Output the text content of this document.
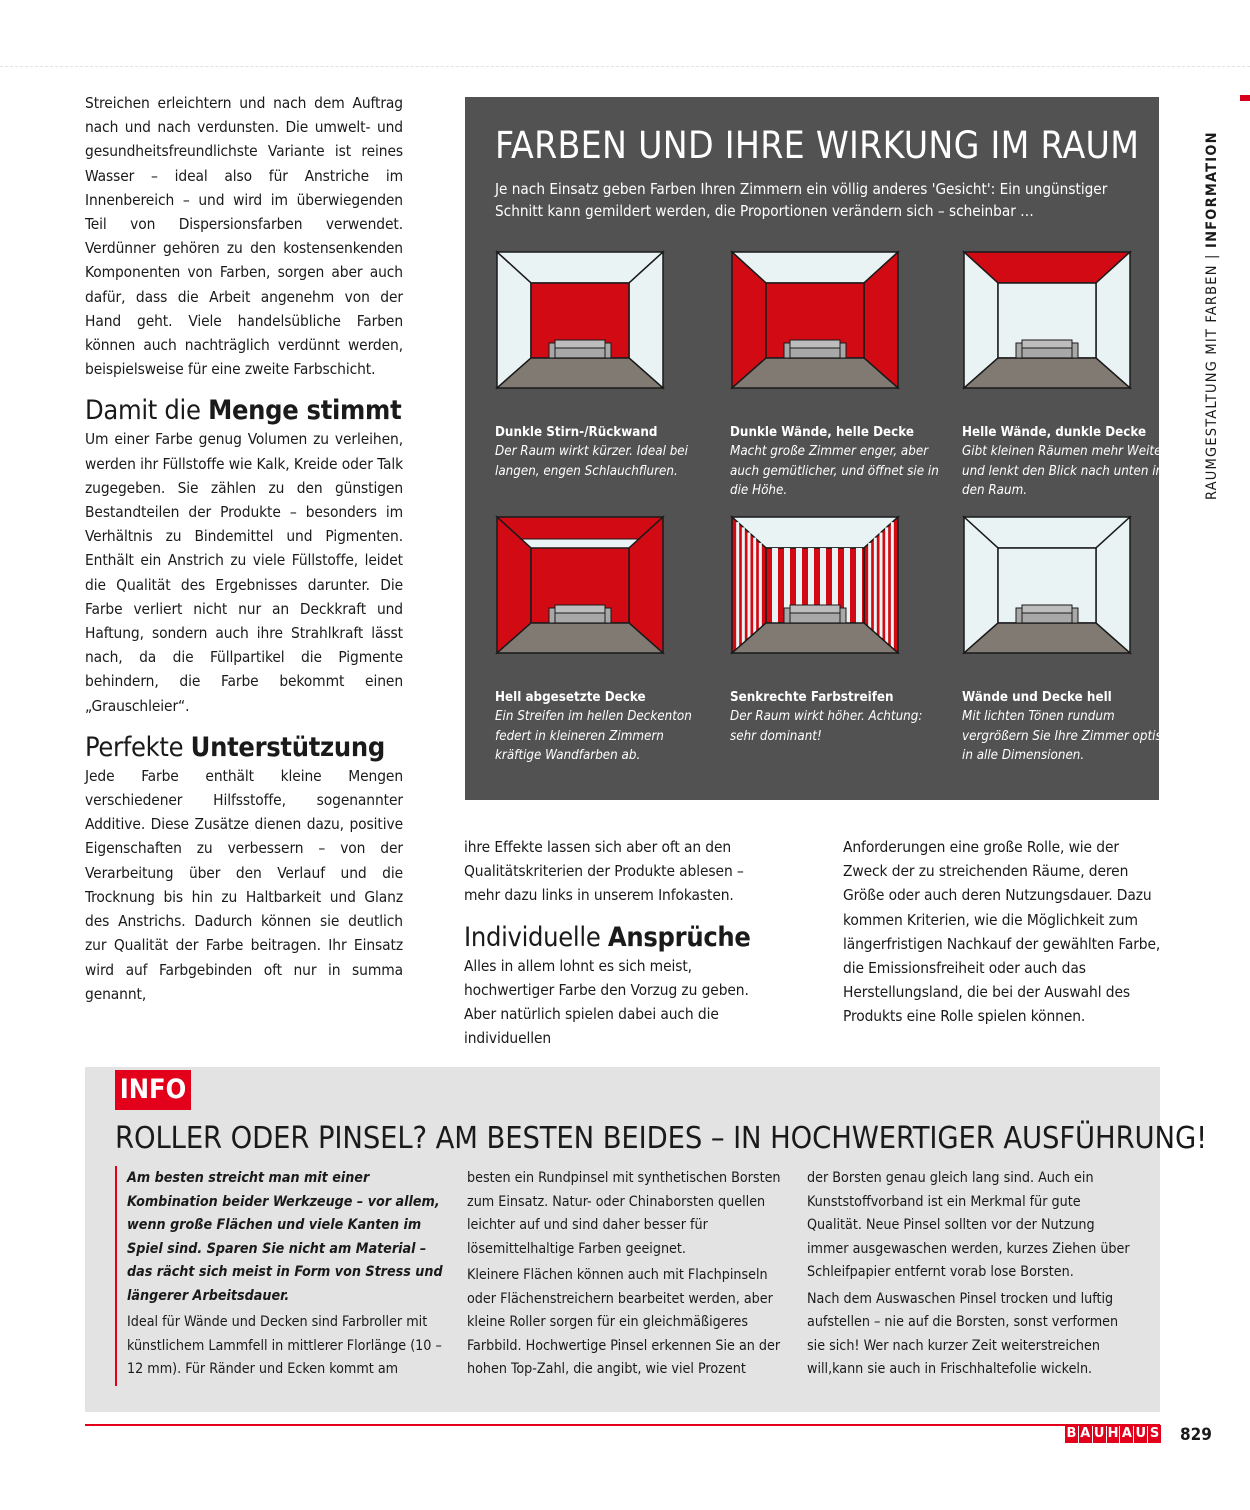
RAUMGESTALTUNG MIT FARBEN | INFORMATION

Streichen erleichtern und nach dem Auftrag nach und nach verdunsten. Die umwelt- und gesundheitsfreundlichste Variante ist reines Wasser – ideal also für Anstriche im Innenbereich – und wird im überwiegenden Teil von Dispersionsfarben verwendet. Verdünner gehören zu den kostensenkenden Komponenten von Farben, sorgen aber auch dafür, dass die Arbeit angenehm von der Hand geht. Viele handelsübliche Farben können auch nachträglich verdünnt werden, beispielsweise für eine zweite Farbschicht.

Damit die Menge stimmt

Um einer Farbe genug Volumen zu verleihen, werden ihr Füllstoffe wie Kalk, Kreide oder Talk zugegeben. Sie zählen zu den günstigen Bestandteilen der Produkte – besonders im Verhältnis zu Bindemittel und Pigmenten. Enthält ein Anstrich zu viele Füllstoffe, leidet die Qualität des Ergebnisses darunter. Die Farbe verliert nicht nur an Deckkraft und Haftung, sondern auch ihre Strahlkraft lässt nach, da die Füllpartikel die Pigmente behindern, die Farbe bekommt einen „Grauschleier“.

Perfekte Unterstützung

Jede Farbe enthält kleine Mengen verschiedener Hilfsstoffe, sogenannter Additive. Diese Zusätze dienen dazu, positive Eigenschaften zu verbessern – von der Verarbeitung über den Verlauf und die Trocknung bis hin zu Haltbarkeit und Glanz des Anstrichs. Dadurch können sie deutlich zur Qualität der Farbe beitragen. Ihr Einsatz wird auf Farbgebinden oft nur in summa genannt,

ihre Effekte lassen sich aber oft an den Qualitätskriterien der Produkte ablesen – mehr dazu links in unserem Infokasten.

Individuelle Ansprüche

Alles in allem lohnt es sich meist, hochwertiger Farbe den Vorzug zu geben. Aber natürlich spielen dabei auch die individuellen

Anforderungen eine große Rolle, wie der Zweck der zu streichenden Räume, deren Größe oder auch deren Nutzungsdauer. Dazu kommen Kriterien, wie die Möglichkeit zum längerfristigen Nachkauf der gewählten Farbe, die Emissionsfreiheit oder auch das Herstellungsland, die bei der Auswahl des Produkts eine Rolle spielen können.

FARBEN UND IHRE WIRKUNG IM RAUM
Je nach Einsatz geben Farben Ihren Zimmern ein völlig anderes 'Gesicht': Ein ungünstiger Schnitt kann gemildert werden, die Proportionen verändern sich – scheinbar …
Dunkle Stirn-/Rückwand
Der Raum wirkt kürzer. Ideal bei langen, engen Schlauchfluren.
Dunkle Wände, helle Decke
Macht große Zimmer enger, aber auch gemütlicher, und öffnet sie in die Höhe.
Helle Wände, dunkle Decke
Gibt kleinen Räumen mehr Weite und lenkt den Blick nach unten in den Raum.
Hell abgesetzte Decke
Ein Streifen im hellen Deckenton federt in kleineren Zimmern kräftige Wandfarben ab.
Senkrechte Farbstreifen
Der Raum wirkt höher. Achtung: sehr dominant!
Wände und Decke hell
Mit lichten Tönen rundum vergrößern Sie Ihre Zimmer optisch in alle Dimensionen.
INFO
ROLLER ODER PINSEL? AM BESTEN BEIDES – IN HOCHWERTIGER AUSFÜHRUNG!

Am besten streicht man mit einer Kombination beider Werkzeuge – vor allem, wenn große Flächen und viele Kanten im Spiel sind. Sparen Sie nicht am Material – das rächt sich meist in Form von Stress und längerer Arbeitsdauer.

Ideal für Wände und Decken sind Farbroller mit künstlichem Lammfell in mittlerer Florlänge (10 – 12 mm). Für Ränder und Ecken kommt am

besten ein Rundpinsel mit synthetischen Borsten zum Einsatz. Natur- oder Chinaborsten quellen leichter auf und sind daher besser für lösemittelhaltige Farben geeignet.

Kleinere Flächen können auch mit Flachpinseln oder Flächenstreichern bearbeitet werden, aber kleine Roller sorgen für ein gleichmäßigeres Farbbild. Hochwertige Pinsel erkennen Sie an der hohen Top-Zahl, die angibt, wie viel Prozent

der Borsten genau gleich lang sind. Auch ein Kunststoffvorband ist ein Merkmal für gute Qualität. Neue Pinsel sollten vor der Nutzung immer ausgewaschen werden, kurzes Ziehen über Schleifpapier entfernt vorab lose Borsten.

Nach dem Auswaschen Pinsel trocken und luftig aufstellen – nie auf die Borsten, sonst verformen sie sich! Wer nach kurzer Zeit weiterstreichen will,kann sie auch in Frischhaltefolie wickeln.

B A U H A U S 829
